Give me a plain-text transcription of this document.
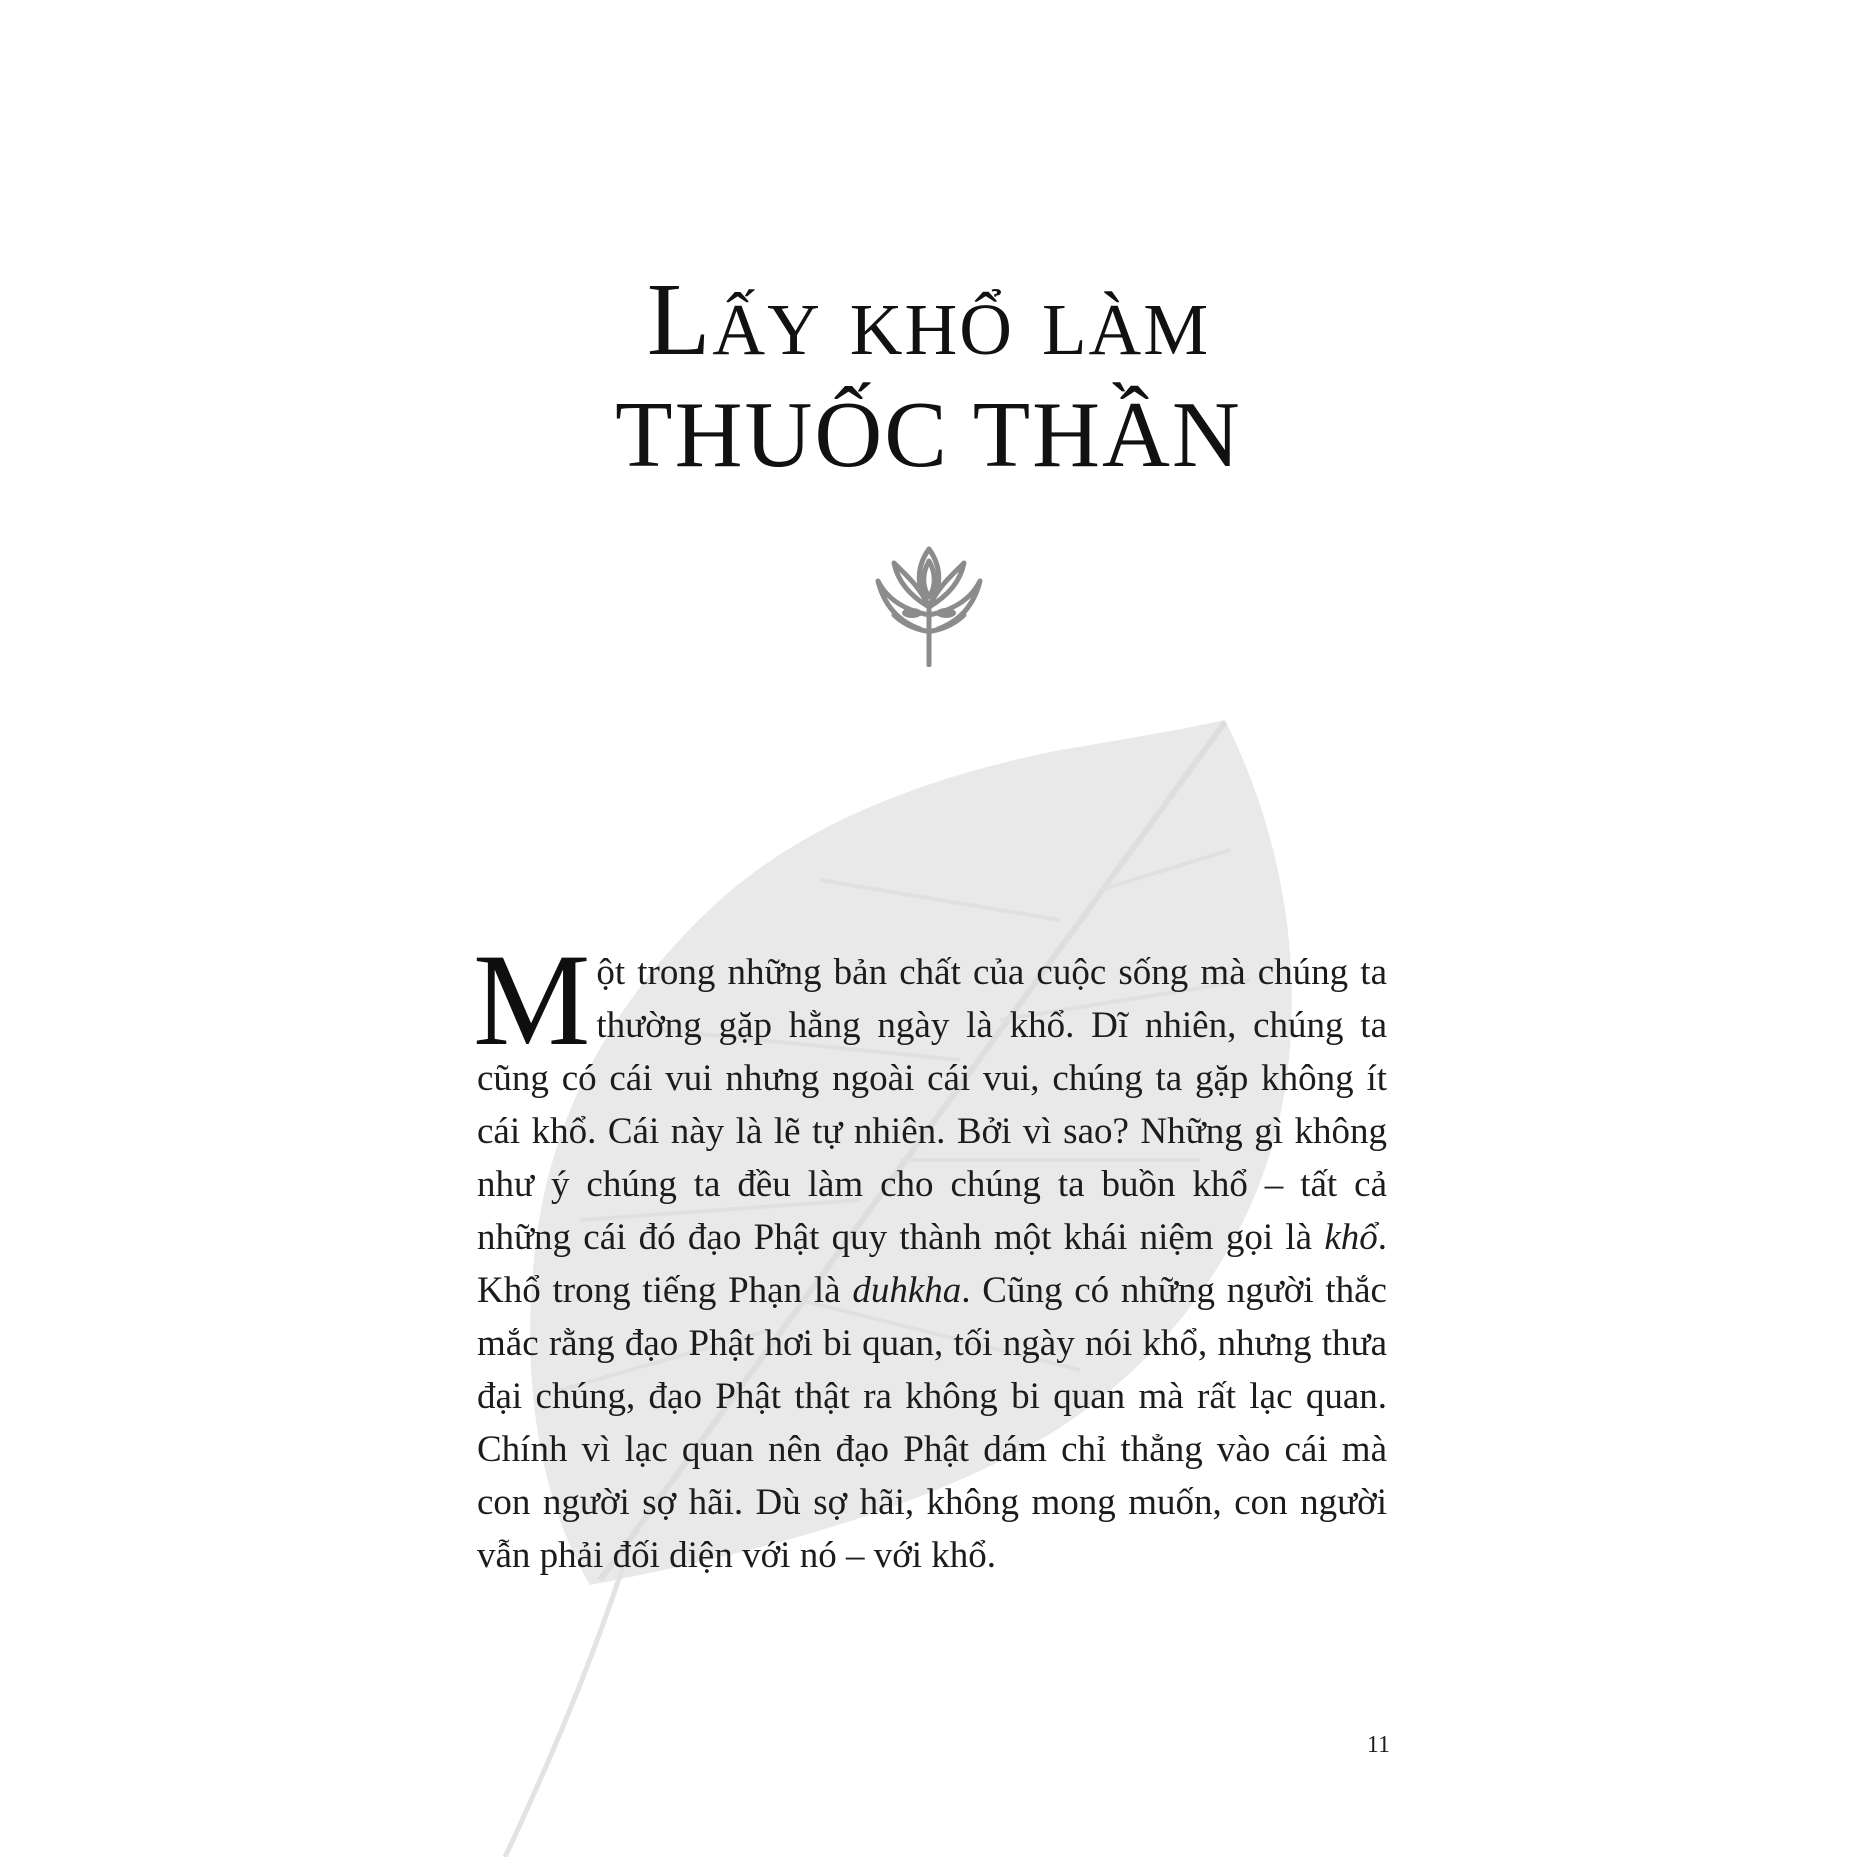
Lấy khổ làm
THUỐC THẦN

Một trong những bản chất của cuộc sống mà chúng ta thường gặp hằng ngày là khổ. Dĩ nhiên, chúng ta cũng có cái vui nhưng ngoài cái vui, chúng ta gặp không ít cái khổ. Cái này là lẽ tự nhiên. Bởi vì sao? Những gì không như ý chúng ta đều làm cho chúng ta buồn khổ – tất cả những cái đó đạo Phật quy thành một khái niệm gọi là khổ. Khổ trong tiếng Phạn là duhkha. Cũng có những người thắc mắc rằng đạo Phật hơi bi quan, tối ngày nói khổ, nhưng thưa đại chúng, đạo Phật thật ra không bi quan mà rất lạc quan. Chính vì lạc quan nên đạo Phật dám chỉ thẳng vào cái mà con người sợ hãi. Dù sợ hãi, không mong muốn, con người vẫn phải đối diện với nó – với khổ.

11
